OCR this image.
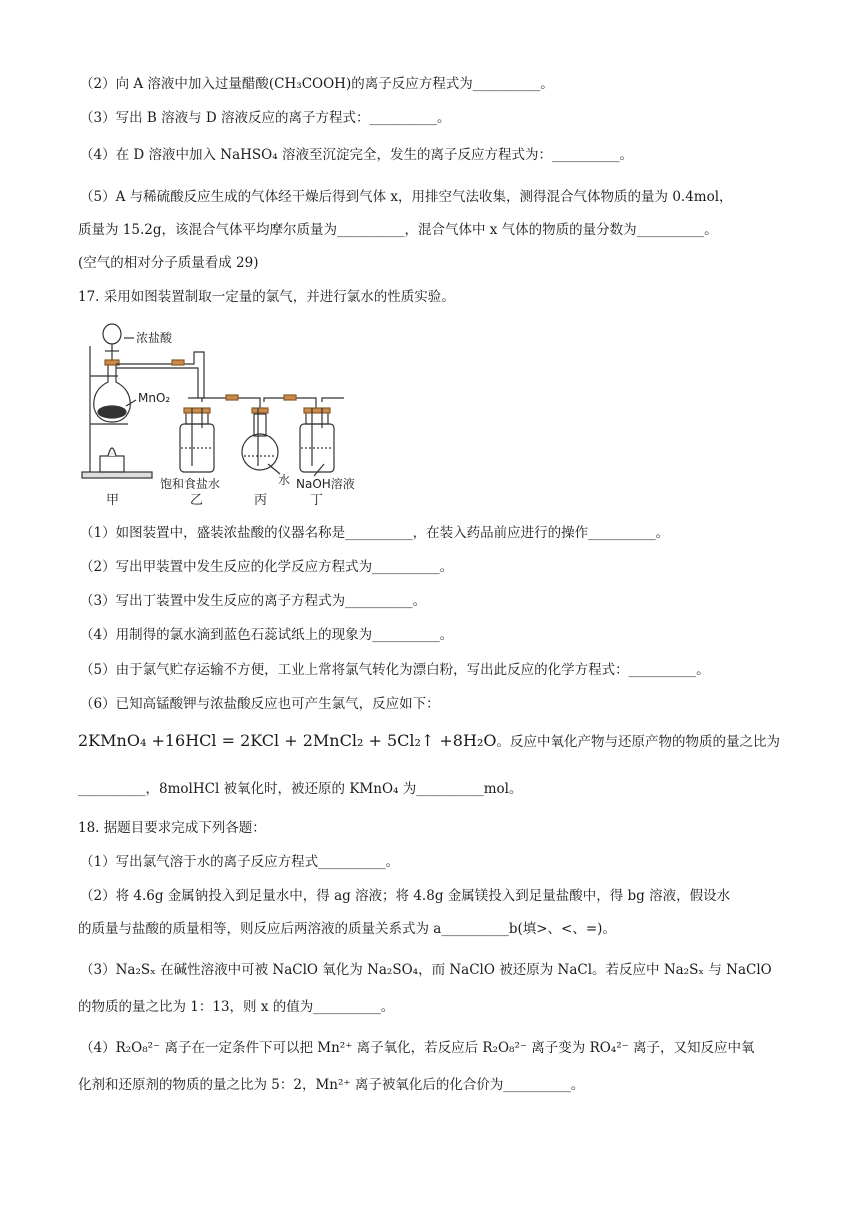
（2）向 A 溶液中加入过量醋酸(CH₃COOH)的离子反应方程式为__________。
（3）写出 B 溶液与 D 溶液反应的离子方程式：__________。
（4）在 D 溶液中加入 NaHSO₄ 溶液至沉淀完全，发生的离子反应方程式为：__________。
（5）A 与稀硫酸反应生成的气体经干燥后得到气体 x，用排空气法收集，测得混合气体物质的量为 0.4mol，
质量为 15.2g，该混合气体平均摩尔质量为__________，混合气体中 x 气体的物质的量分数为__________。
(空气的相对分子质量看成 29)
17. 采用如图装置制取一定量的氯气，并进行氯水的性质实验。
浓盐酸
MnO₂
饱和食盐水	水 NaOH溶液
甲	乙	丙	丁
（1）如图装置中，盛装浓盐酸的仪器名称是__________，在装入药品前应进行的操作__________。
（2）写出甲装置中发生反应的化学反应方程式为__________。
（3）写出丁装置中发生反应的离子方程式为__________。
（4）用制得的氯水滴到蓝色石蕊试纸上的现象为__________。
（5）由于氯气贮存运输不方便，工业上常将氯气转化为漂白粉，写出此反应的化学方程式：__________。
（6）已知高锰酸钾与浓盐酸反应也可产生氯气，反应如下：
2KMnO₄ +16HCl = 2KCl + 2MnCl₂ + 5Cl₂↑ +8H₂O。反应中氧化产物与还原产物的物质的量之比为
__________，8molHCl 被氧化时，被还原的 KMnO₄ 为__________mol。
18. 据题目要求完成下列各题：
（1）写出氯气溶于水的离子反应方程式__________。
（2）将 4.6g 金属钠投入到足量水中，得 ag 溶液；将 4.8g 金属镁投入到足量盐酸中，得 bg 溶液，假设水
的质量与盐酸的质量相等，则反应后两溶液的质量关系式为 a__________b(填>、<、=)。
（3）Na₂Sₓ 在碱性溶液中可被 NaClO 氧化为 Na₂SO₄，而 NaClO 被还原为 NaCl。若反应中 Na₂Sₓ 与 NaClO
的物质的量之比为 1：13，则 x 的值为__________。
（4）R₂O₈²⁻ 离子在一定条件下可以把 Mn²⁺ 离子氧化，若反应后 R₂O₈²⁻ 离子变为 RO₄²⁻ 离子，又知反应中氧
化剂和还原剂的物质的量之比为 5：2，Mn²⁺ 离子被氧化后的化合价为__________。
